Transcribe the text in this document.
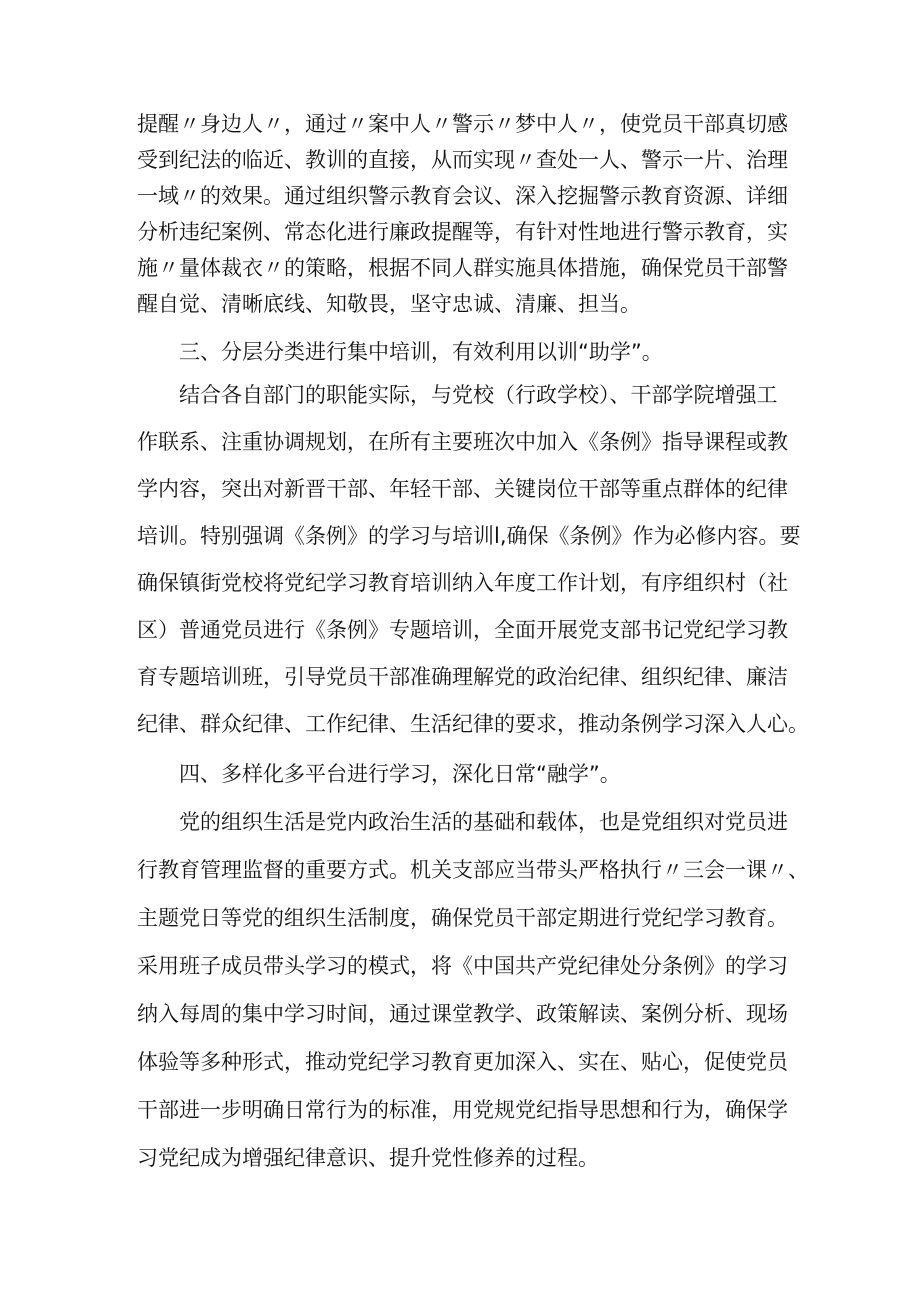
提醒〃身边人〃，通过〃案中人〃警示〃梦中人〃，使党员干部真切感
受到纪法的临近、教训的直接，从而实现〃查处一人、警示一片、治理
一域〃的效果。通过组织警示教育会议、深入挖掘警示教育资源、详细
分析违纪案例、常态化进行廉政提醒等，有针对性地进行警示教育，实
施〃量体裁衣〃的策略，根据不同人群实施具体措施，确保党员干部警
醒自觉、清晰底线、知敬畏，坚守忠诚、清廉、担当。
三、分层分类进行集中培训，有效利用以训“助学”。
结合各自部门的职能实际，与党校（行政学校）、干部学院增强工
作联系、注重协调规划，在所有主要班次中加入《条例》指导课程或教
学内容，突出对新晋干部、年轻干部、关键岗位干部等重点群体的纪律
培训。特别强调《条例》的学习与培训l,确保《条例》作为必修内容。要
确保镇街党校将党纪学习教育培训纳入年度工作计划，有序组织村（社
区）普通党员进行《条例》专题培训，全面开展党支部书记党纪学习教
育专题培训班，引导党员干部准确理解党的政治纪律、组织纪律、廉洁
纪律、群众纪律、工作纪律、生活纪律的要求，推动条例学习深入人心。
四、多样化多平台进行学习，深化日常“融学”。
党的组织生活是党内政治生活的基础和载体，也是党组织对党员进
行教育管理监督的重要方式。机关支部应当带头严格执行〃三会一课〃、
主题党日等党的组织生活制度，确保党员干部定期进行党纪学习教育。
采用班子成员带头学习的模式，将《中国共产党纪律处分条例》的学习
纳入每周的集中学习时间，通过课堂教学、政策解读、案例分析、现场
体验等多种形式，推动党纪学习教育更加深入、实在、贴心，促使党员
干部进一步明确日常行为的标准，用党规党纪指导思想和行为，确保学
习党纪成为增强纪律意识、提升党性修养的过程。
